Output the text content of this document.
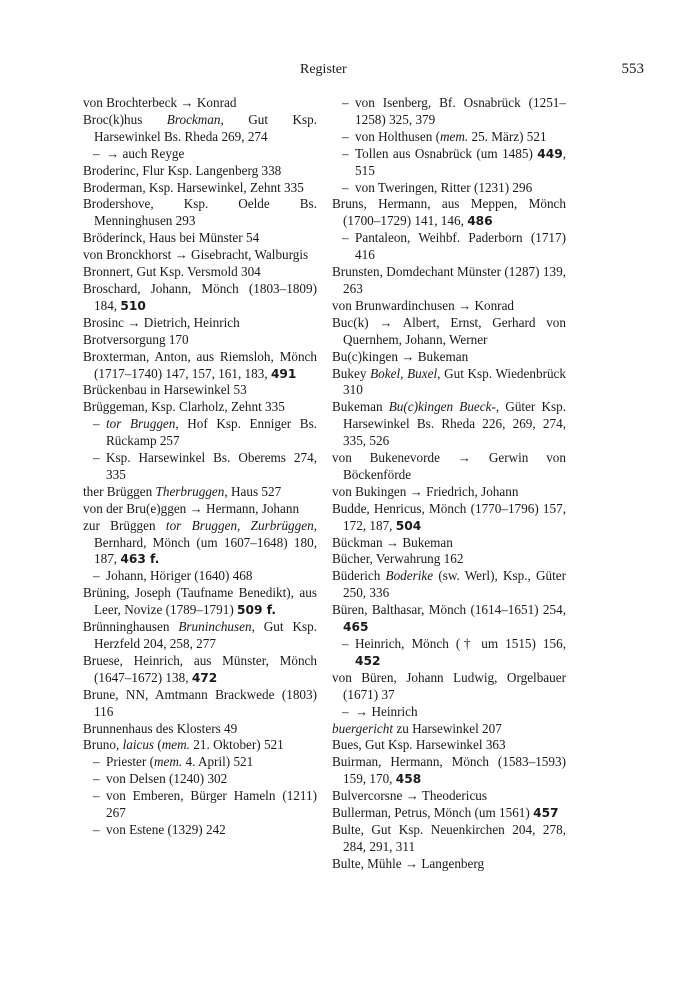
Register	553
von Brochterbeck → Konrad
Broc(k)hus Brockman, Gut Ksp. Harsewinkel Bs. Rheda 269, 274
– → auch Reyge
Broderinc, Flur Ksp. Langenberg 338
Broderman, Ksp. Harsewinkel, Zehnt 335
Brodershove, Ksp. Oelde Bs. Menninghusen 293
Bröderinck, Haus bei Münster 54
von Bronckhorst → Gisebracht, Walburgis
Bronnert, Gut Ksp. Versmold 304
Broschard, Johann, Mönch (1803–1809) 184, 510
Brosinc → Dietrich, Heinrich
Brotversorgung 170
Broxterman, Anton, aus Riemsloh, Mönch (1717–1740) 147, 157, 161, 183, 491
Brückenbau in Harsewinkel 53
Brüggeman, Ksp. Clarholz, Zehnt 335
– tor Bruggen, Hof Ksp. Enniger Bs. Rückamp 257
– Ksp. Harsewinkel Bs. Oberems 274, 335
ther Brüggen Therbruggen, Haus 527
von der Bru(e)ggen → Hermann, Johann
zur Brüggen tor Bruggen, Zurbrüggen, Bernhard, Mönch (um 1607–1648) 180, 187, 463 f.
– Johann, Höriger (1640) 468
Brüning, Joseph (Taufname Benedikt), aus Leer, Novize (1789–1791) 509 f.
Brünninghausen Bruninchusen, Gut Ksp. Herzfeld 204, 258, 277
Bruese, Heinrich, aus Münster, Mönch (1647–1672) 138, 472
Brune, NN, Amtmann Brackwede (1803) 116
Brunnenhaus des Klosters 49
Bruno, laicus (mem. 21. Oktober) 521
– Priester (mem. 4. April) 521
– von Delsen (1240) 302
– von Emberen, Bürger Hameln (1211) 267
– von Estene (1329) 242
– von Isenberg, Bf. Osnabrück (1251–1258) 325, 379
– von Holthusen (mem. 25. März) 521
– Tollen aus Osnabrück (um 1485) 449, 515
– von Tweringen, Ritter (1231) 296
Bruns, Hermann, aus Meppen, Mönch (1700–1729) 141, 146, 486
– Pantaleon, Weihbf. Paderborn (1717) 416
Brunsten, Domdechant Münster (1287) 139, 263
von Brunwardinchusen → Konrad
Buc(k) → Albert, Ernst, Gerhard von Quernhem, Johann, Werner
Bu(c)kingen → Bukeman
Bukey Bokel, Buxel, Gut Ksp. Wiedenbrück 310
Bukeman Bu(c)kingen Bueck-, Güter Ksp. Harsewinkel Bs. Rheda 226, 269, 274, 335, 526
von Bukenevorde → Gerwin von Böckenförde
von Bukingen → Friedrich, Johann
Budde, Henricus, Mönch (1770–1796) 157, 172, 187, 504
Bückman → Bukeman
Bücher, Verwahrung 162
Büderich Boderike (sw. Werl), Ksp., Güter 250, 336
Büren, Balthasar, Mönch (1614–1651) 254, 465
– Heinrich, Mönch († um 1515) 156, 452
von Büren, Johann Ludwig, Orgelbauer (1671) 37
– → Heinrich
buergericht zu Harsewinkel 207
Bues, Gut Ksp. Harsewinkel 363
Buirman, Hermann, Mönch (1583–1593) 159, 170, 458
Bulvercorsne → Theodericus
Bullerman, Petrus, Mönch (um 1561) 457
Bulte, Gut Ksp. Neuenkirchen 204, 278, 284, 291, 311
Bulte, Mühle → Langenberg
